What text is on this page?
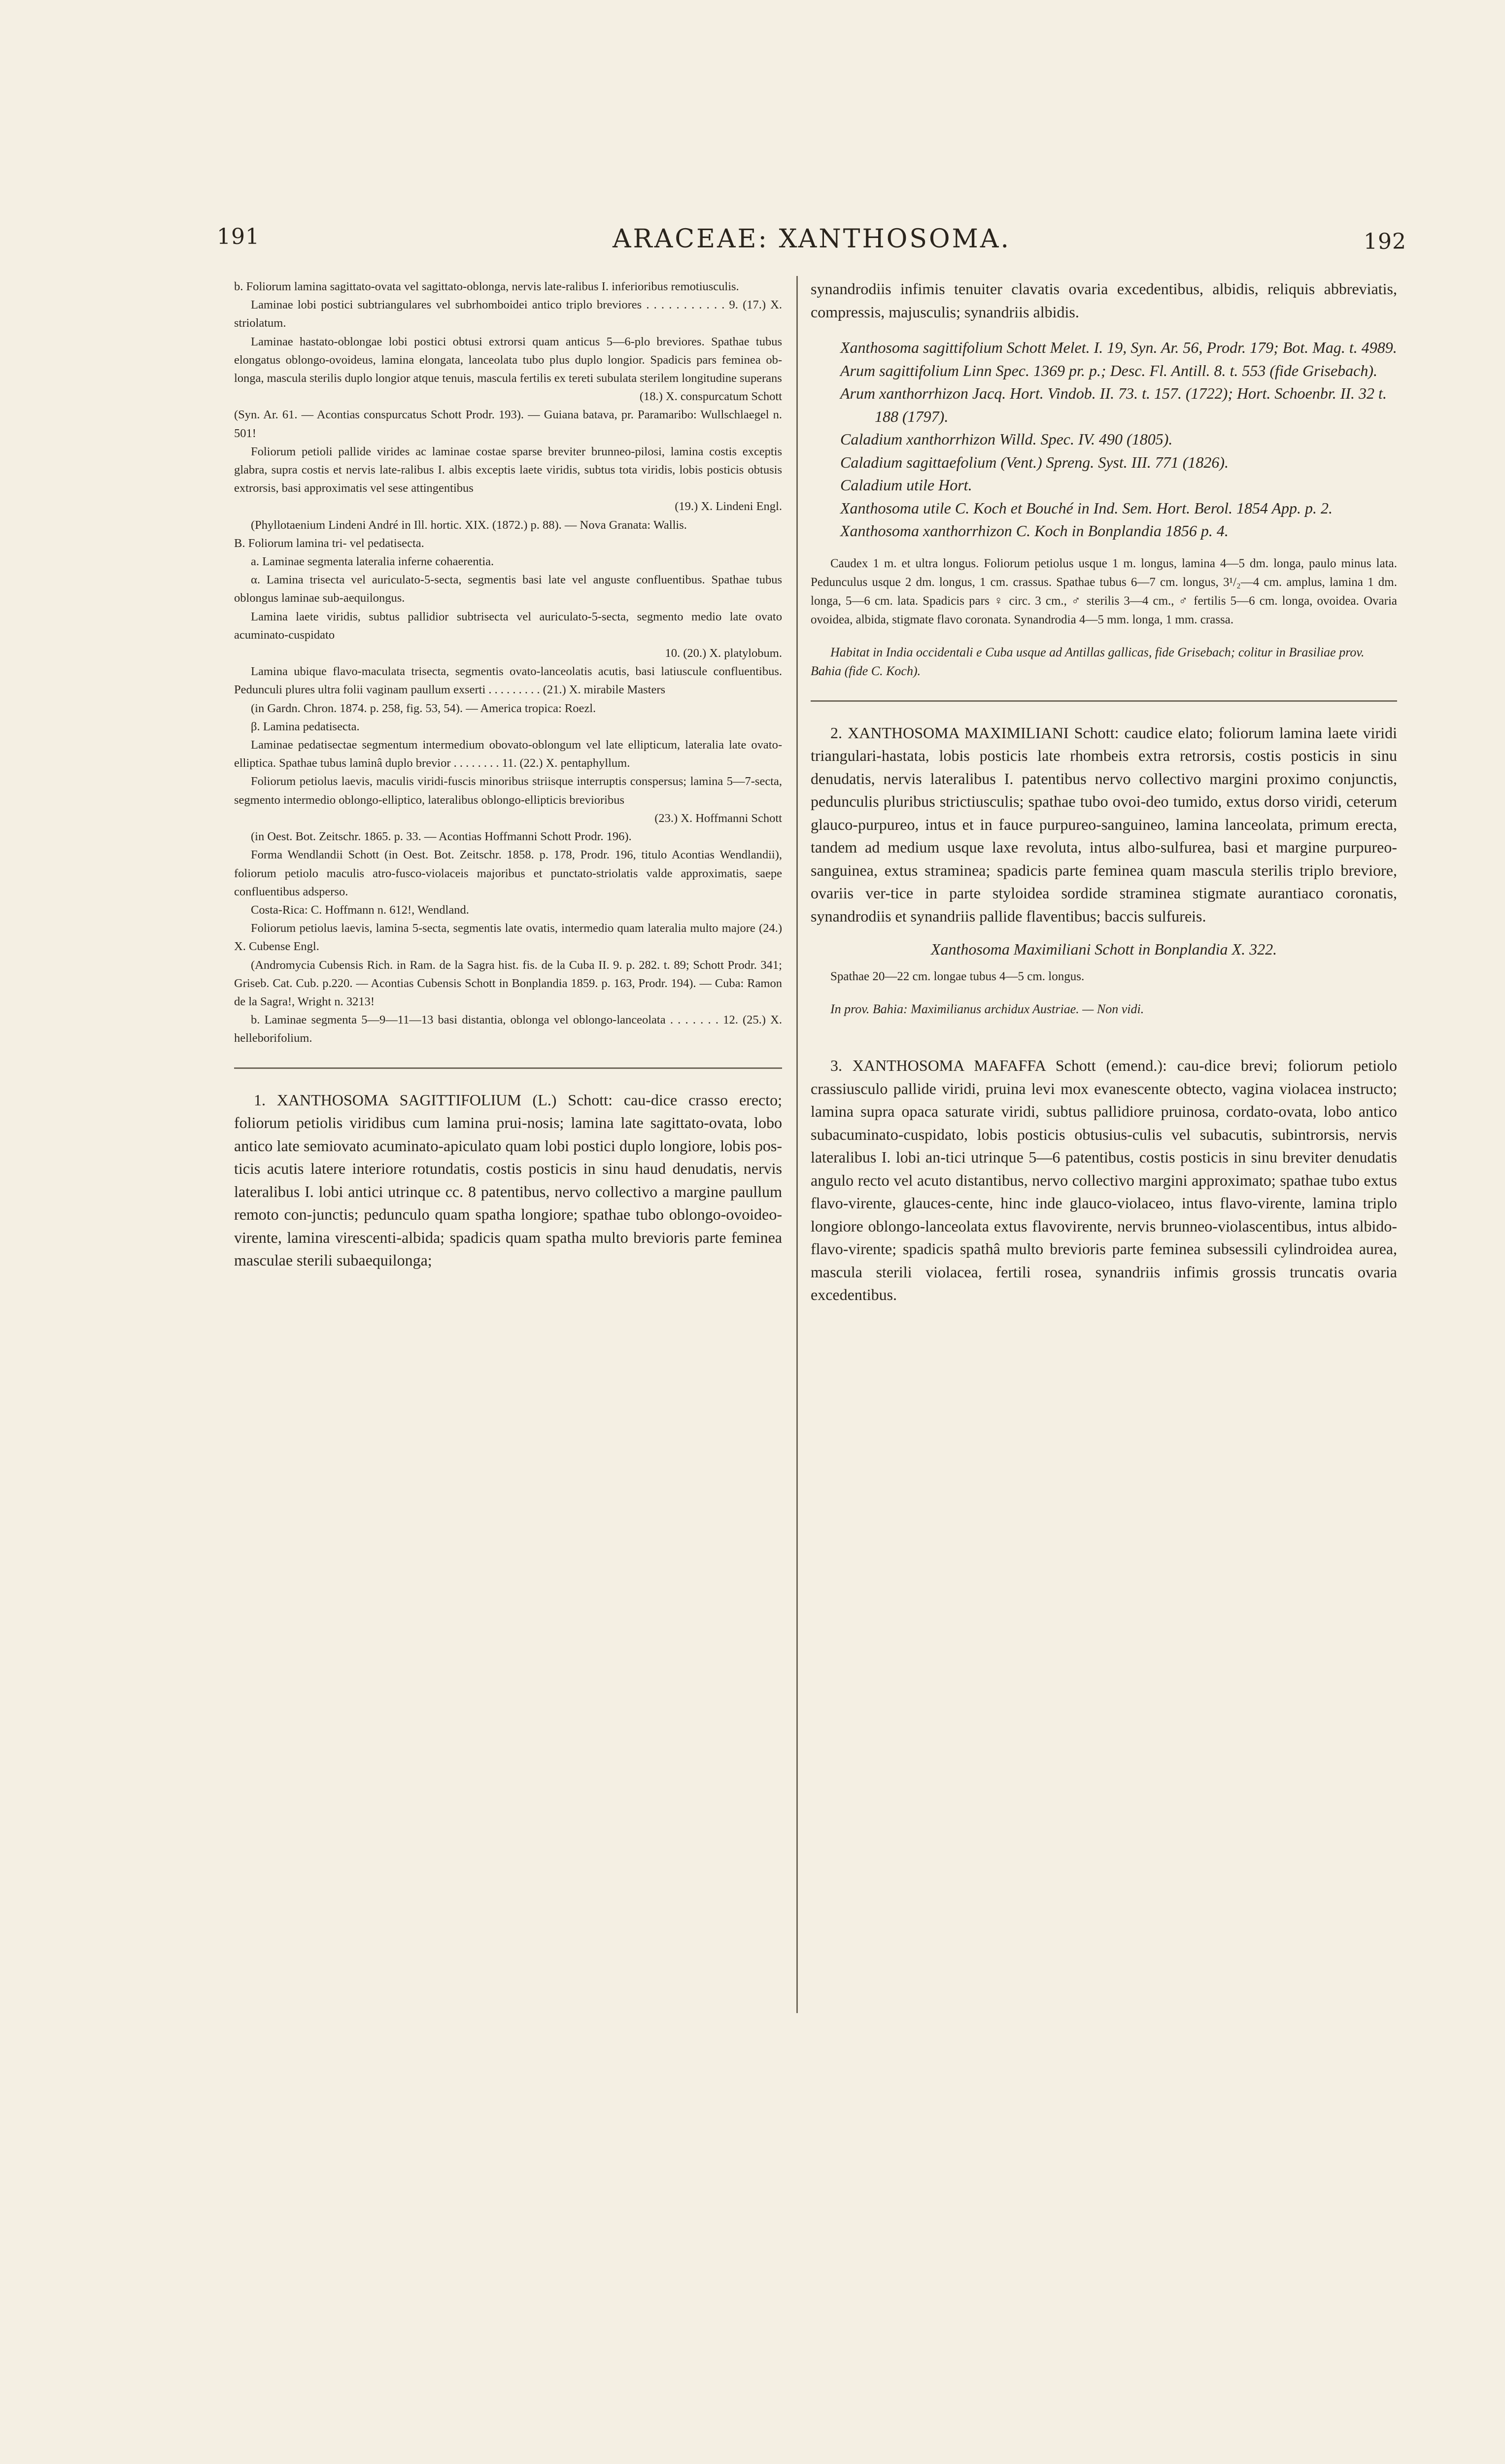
191	ARACEAE: XANTHOSOMA.	192

b. Foliorum lamina sagittato-ovata vel sagittato-oblonga, nervis late-ralibus I. inferioribus remotiusculis.

Laminae lobi postici subtriangulares vel subrhomboidei antico triplo breviores . . . . . . . . . . . 9. (17.) X. striolatum.

Laminae hastato-oblongae lobi postici obtusi extrorsi quam anticus 5—6-plo breviores. Spathae tubus elongatus oblongo-ovoideus, lamina elongata, lanceolata tubo plus duplo longior. Spadicis pars feminea ob-longa, mascula sterilis duplo longior atque tenuis, mascula fertilis ex tereti subulata sterilem longitudine superans

(18.) X. conspurcatum Schott

(Syn. Ar. 61. — Acontias conspurcatus Schott Prodr. 193). — Guiana batava, pr. Paramaribo: Wullschlaegel n. 501!

Foliorum petioli pallide virides ac laminae costae sparse breviter brunneo-pilosi, lamina costis exceptis glabra, supra costis et nervis late-ralibus I. albis exceptis laete viridis, subtus tota viridis, lobis posticis obtusis extrorsis, basi approximatis vel sese attingentibus

(19.) X. Lindeni Engl.

(Phyllotaenium Lindeni André in Ill. hortic. XIX. (1872.) p. 88). — Nova Granata: Wallis.

B. Foliorum lamina tri- vel pedatisecta.

a. Laminae segmenta lateralia inferne cohaerentia.

α. Lamina trisecta vel auriculato-5-secta, segmentis basi late vel anguste confluentibus. Spathae tubus oblongus laminae sub-aequilongus.

Lamina laete viridis, subtus pallidior subtrisecta vel auriculato-5-secta, segmento medio late ovato acuminato-cuspidato

10. (20.) X. platylobum.

Lamina ubique flavo-maculata trisecta, segmentis ovato-lanceolatis acutis, basi latiuscule confluentibus. Pedunculi plures ultra folii vaginam paullum exserti . . . . . . . . . (21.) X. mirabile Masters

(in Gardn. Chron. 1874. p. 258, fig. 53, 54). — America tropica: Roezl.

β. Lamina pedatisecta.

Laminae pedatisectae segmentum intermedium obovato-oblongum vel late ellipticum, lateralia late ovato-elliptica. Spathae tubus laminâ duplo brevior . . . . . . . . 11. (22.) X. pentaphyllum.

Foliorum petiolus laevis, maculis viridi-fuscis minoribus striisque interruptis conspersus; lamina 5—7-secta, segmento intermedio oblongo-elliptico, lateralibus oblongo-ellipticis brevioribus

(23.) X. Hoffmanni Schott

(in Oest. Bot. Zeitschr. 1865. p. 33. — Acontias Hoffmanni Schott Prodr. 196).

Forma Wendlandii Schott (in Oest. Bot. Zeitschr. 1858. p. 178, Prodr. 196, titulo Acontias Wendlandii), foliorum petiolo maculis atro-fusco-violaceis majoribus et punctato-striolatis valde approximatis, saepe confluentibus adsperso.

Costa-Rica: C. Hoffmann n. 612!, Wendland.

Foliorum petiolus laevis, lamina 5-secta, segmentis late ovatis, intermedio quam lateralia multo majore (24.) X. Cubense Engl.

(Andromycia Cubensis Rich. in Ram. de la Sagra hist. fis. de la Cuba II. 9. p. 282. t. 89; Schott Prodr. 341; Griseb. Cat. Cub. p.220. — Acontias Cubensis Schott in Bonplandia 1859. p. 163, Prodr. 194). — Cuba: Ramon de la Sagra!, Wright n. 3213!

b. Laminae segmenta 5—9—11—13 basi distantia, oblonga vel oblongo-lanceolata . . . . . . . 12. (25.) X. helleborifolium.

1. XANTHOSOMA SAGITTIFOLIUM (L.) Schott: cau-dice crasso erecto; foliorum petiolis viridibus cum lamina prui-nosis; lamina late sagittato-ovata, lobo antico late semiovato acuminato-apiculato quam lobi postici duplo longiore, lobis pos-ticis acutis latere interiore rotundatis, costis posticis in sinu haud denudatis, nervis lateralibus I. lobi antici utrinque cc. 8 patentibus, nervo collectivo a margine paullum remoto con-junctis; pedunculo quam spatha longiore; spathae tubo oblongo-ovoideo-virente, lamina virescenti-albida; spadicis quam spatha multo brevioris parte feminea masculae sterili subaequilonga;

synandrodiis infimis tenuiter clavatis ovaria excedentibus, albidis, reliquis abbreviatis, compressis, majusculis; synandriis albidis.

Xanthosoma sagittifolium Schott Melet. I. 19, Syn. Ar. 56, Prodr. 179; Bot. Mag. t. 4989.

Arum sagittifolium Linn Spec. 1369 pr. p.; Desc. Fl. Antill. 8. t. 553 (fide Grisebach).

Arum xanthorrhizon Jacq. Hort. Vindob. II. 73. t. 157. (1722); Hort. Schoenbr. II. 32 t. 188 (1797).

Caladium xanthorrhizon Willd. Spec. IV. 490 (1805).

Caladium sagittaefolium (Vent.) Spreng. Syst. III. 771 (1826).

Caladium utile Hort.

Xanthosoma utile C. Koch et Bouché in Ind. Sem. Hort. Berol. 1854 App. p. 2.

Xanthosoma xanthorrhizon C. Koch in Bonplandia 1856 p. 4.

Caudex 1 m. et ultra longus. Foliorum petiolus usque 1 m. longus, lamina 4—5 dm. longa, paulo minus lata. Pedunculus usque 2 dm. longus, 1 cm. crassus. Spathae tubus 6—7 cm. longus, 3¹/₂—4 cm. amplus, lamina 1 dm. longa, 5—6 cm. lata. Spadicis pars ♀ circ. 3 cm., ♂ sterilis 3—4 cm., ♂ fertilis 5—6 cm. longa, ovoidea. Ovaria ovoidea, albida, stigmate flavo coronata. Synandrodia 4—5 mm. longa, 1 mm. crassa.

Habitat in India occidentali e Cuba usque ad Antillas gallicas, fide Grisebach; colitur in Brasiliae prov. Bahia (fide C. Koch).

2. XANTHOSOMA MAXIMILIANI Schott: caudice elato; foliorum lamina laete viridi triangulari-hastata, lobis posticis late rhombeis extra retrorsis, costis posticis in sinu denudatis, nervis lateralibus I. patentibus nervo collectivo margini proximo conjunctis, pedunculis pluribus strictiusculis; spathae tubo ovoi-deo tumido, extus dorso viridi, ceterum glauco-purpureo, intus et in fauce purpureo-sanguineo, lamina lanceolata, primum erecta, tandem ad medium usque laxe revoluta, intus albo-sulfurea, basi et margine purpureo-sanguinea, extus straminea; spadicis parte feminea quam mascula sterilis triplo breviore, ovariis ver-tice in parte styloidea sordide straminea stigmate aurantiaco coronatis, synandrodiis et synandriis pallide flaventibus; baccis sulfureis.

Xanthosoma Maximiliani Schott in Bonplandia X. 322.

Spathae 20—22 cm. longae tubus 4—5 cm. longus.

In prov. Bahia: Maximilianus archidux Austriae. — Non vidi.

3. XANTHOSOMA MAFAFFA Schott (emend.): cau-dice brevi; foliorum petiolo crassiusculo pallide viridi, pruina levi mox evanescente obtecto, vagina violacea instructo; lamina supra opaca saturate viridi, subtus pallidiore pruinosa, cordato-ovata, lobo antico subacuminato-cuspidato, lobis posticis obtusius-culis vel subacutis, subintrorsis, nervis lateralibus I. lobi an-tici utrinque 5—6 patentibus, costis posticis in sinu breviter denudatis angulo recto vel acuto distantibus, nervo collectivo margini approximato; spathae tubo extus flavo-virente, glauces-cente, hinc inde glauco-violaceo, intus flavo-virente, lamina triplo longiore oblongo-lanceolata extus flavovirente, nervis brunneo-violascentibus, intus albido-flavo-virente; spadicis spathâ multo brevioris parte feminea subsessili cylindroidea aurea, mascula sterili violacea, fertili rosea, synandriis infimis grossis truncatis ovaria excedentibus.
